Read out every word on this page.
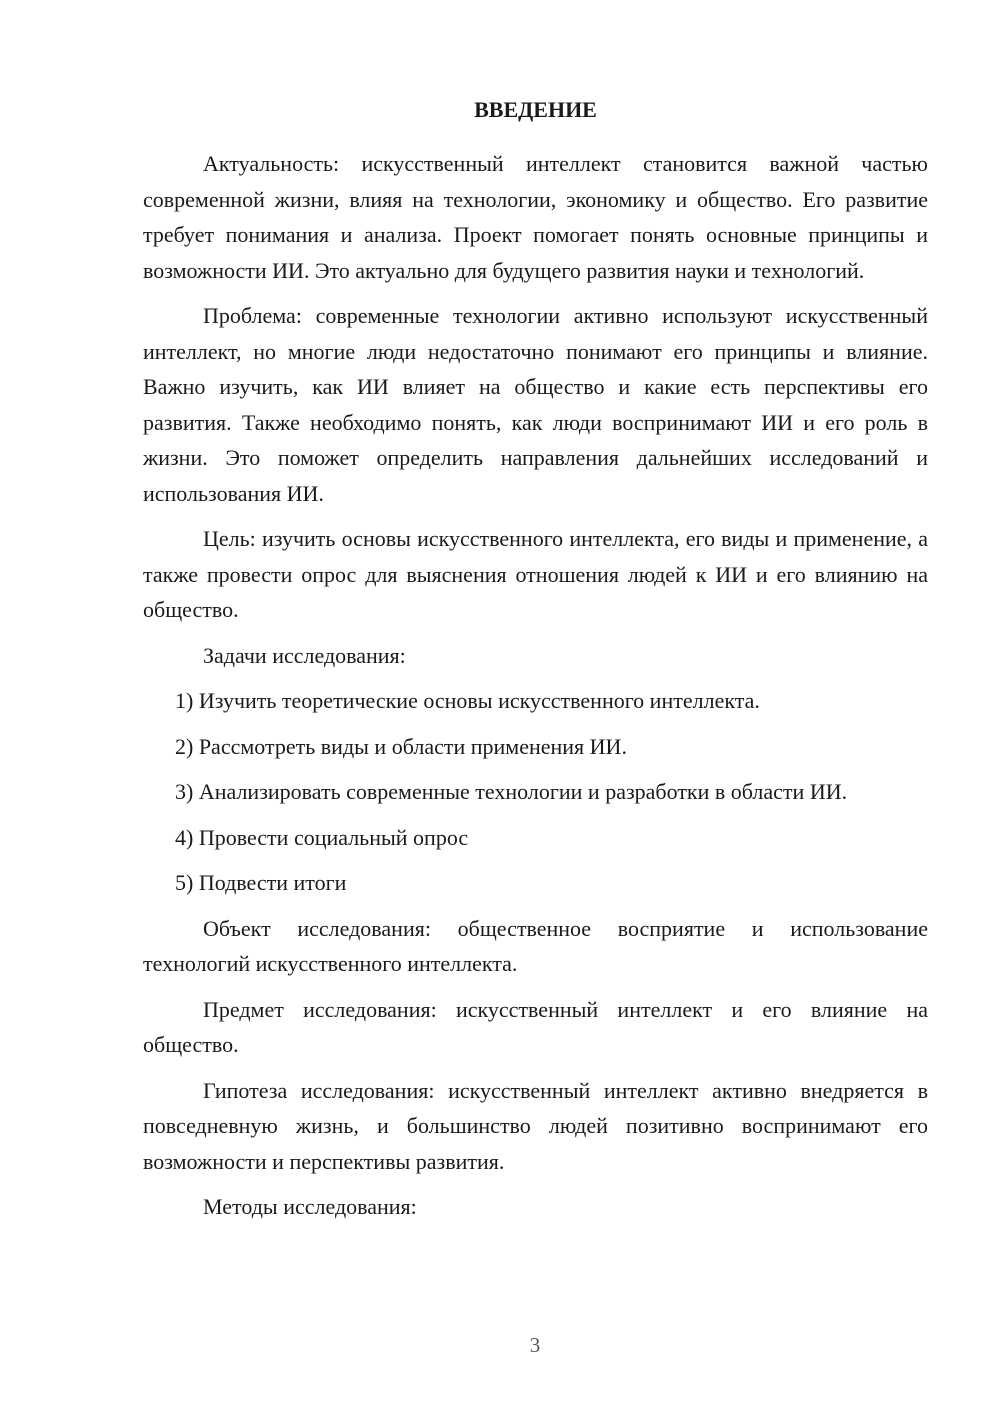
ВВЕДЕНИЕ

Актуальность: искусственный интеллект становится важной частью современной жизни, влияя на технологии, экономику и общество. Его развитие требует понимания и анализа. Проект помогает понять основные принципы и возможности ИИ. Это актуально для будущего развития науки и технологий.

Проблема: современные технологии активно используют искусственный интеллект, но многие люди недостаточно понимают его принципы и влияние. Важно изучить, как ИИ влияет на общество и какие есть перспективы его развития. Также необходимо понять, как люди воспринимают ИИ и его роль в жизни. Это поможет определить направления дальнейших исследований и использования ИИ.

Цель: изучить основы искусственного интеллекта, его виды и применение, а также провести опрос для выяснения отношения людей к ИИ и его влиянию на общество.

Задачи исследования:

1) Изучить теоретические основы искусственного интеллекта.

2) Рассмотреть виды и области применения ИИ.

3) Анализировать современные технологии и разработки в области ИИ.

4) Провести социальный опрос

5) Подвести итоги

Объект исследования: общественное восприятие и использование технологий искусственного интеллекта.

Предмет исследования: искусственный интеллект и его влияние на общество.

Гипотеза исследования: искусственный интеллект активно внедряется в повседневную жизнь, и большинство людей позитивно воспринимают его возможности и перспективы развития.

Методы исследования:

3
